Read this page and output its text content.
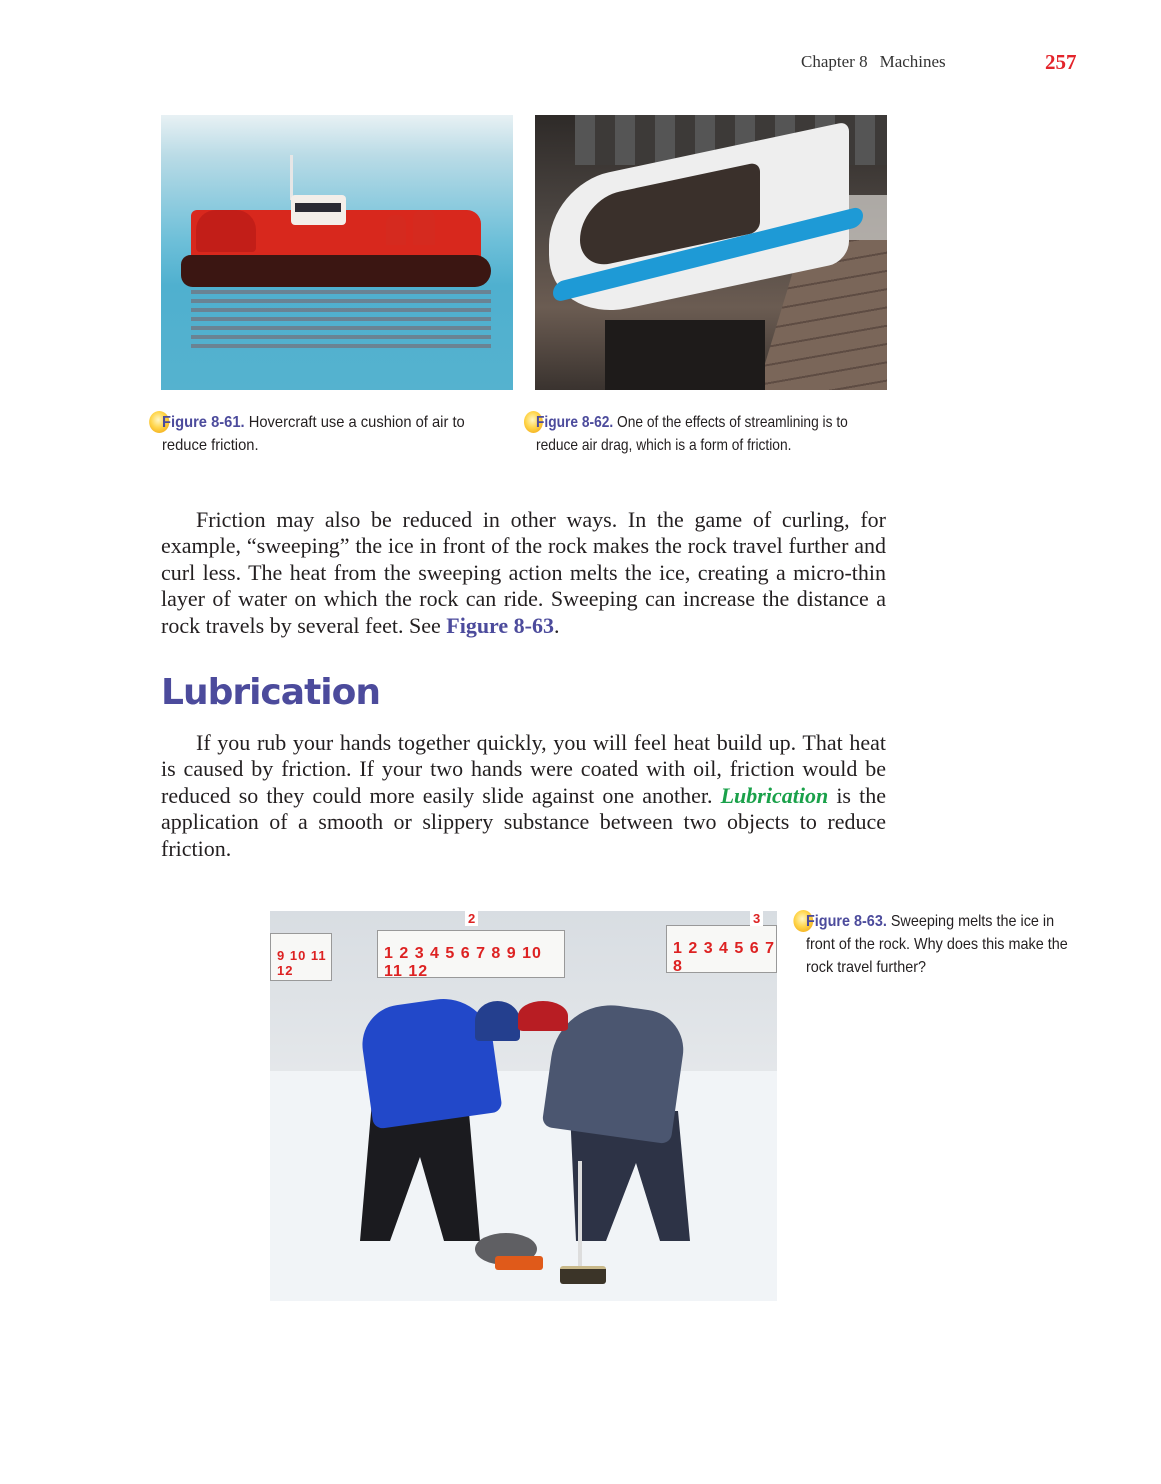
Chapter 8 Machines	257
Figure 8-61. Hovercraft use a cushion of air to reduce friction.
Figure 8-62. One of the effects of streamlining is to reduce air drag, which is a form of friction.

Friction may also be reduced in other ways. In the game of curling, for example, “sweeping” the ice in front of the rock makes the rock travel further and curl less. The heat from the sweeping action melts the ice, creating a micro-thin layer of water on which the rock can ride. Sweeping can increase the distance a rock travels by several feet. See Figure 8-63.

Lubrication

If you rub your hands together quickly, you will feel heat build up. That heat is caused by friction. If your two hands were coated with oil, friction would be reduced so they could more easily slide against one another. Lubrication is the application of a smooth or slippery substance between two objects to reduce friction.

9 10 11 12
1 2 3 4 5 6 7 8 9 10 11 12
1 2 3 4 5 6 7 8
2	3	Figure 8-63. Sweeping melts the ice in front of the rock. Why does this make the rock travel further?
